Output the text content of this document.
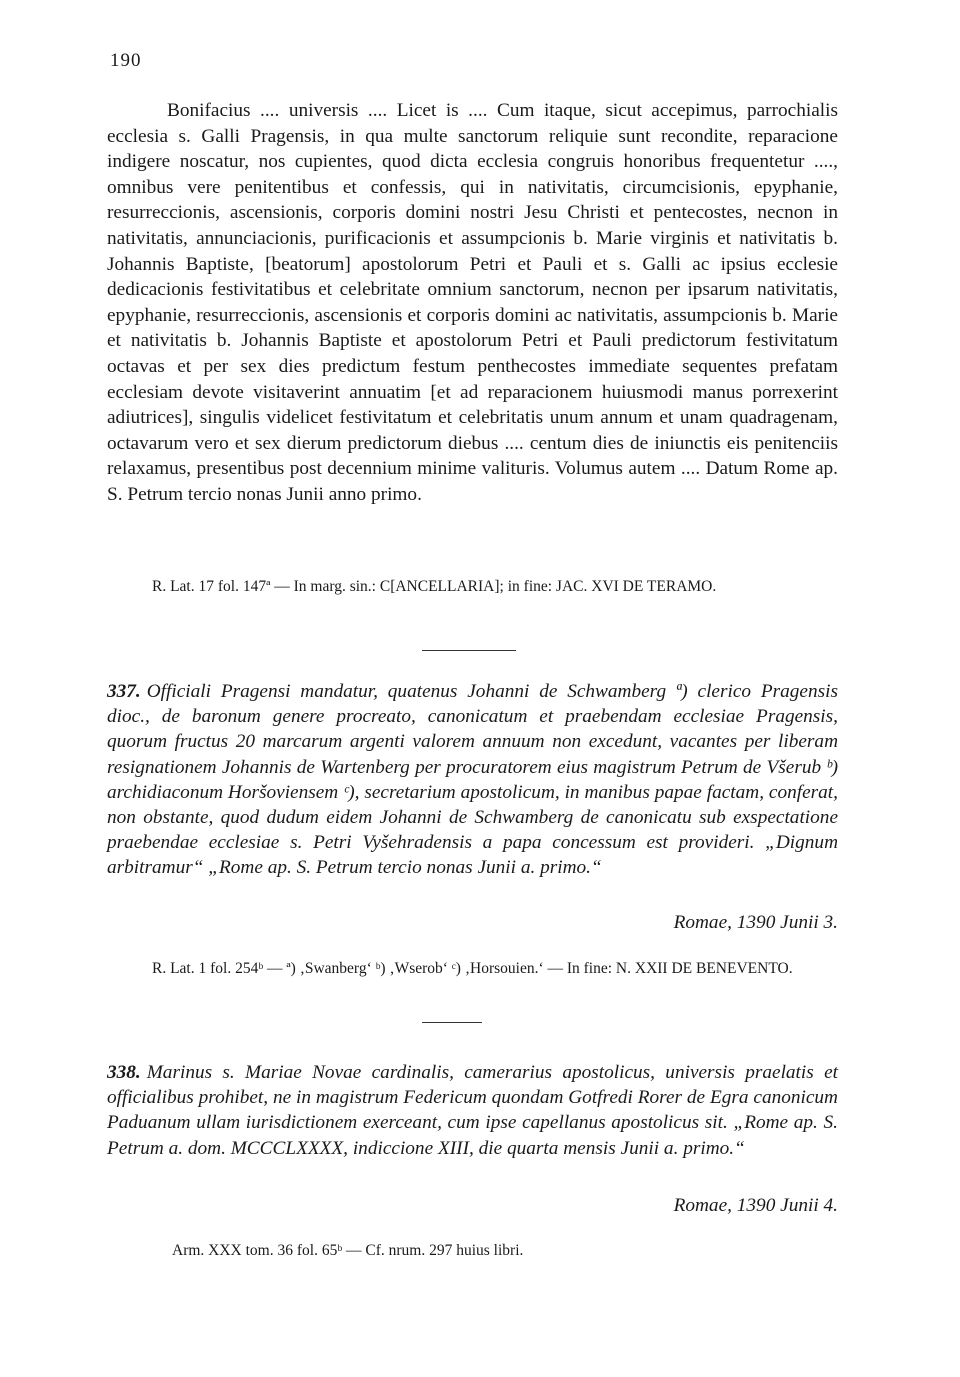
190

Bonifacius .... universis .... Licet is .... Cum itaque, sicut accepimus, parrochialis ecclesia s. Galli Pragensis, in qua multe sanctorum reliquie sunt recondite, reparacione indigere noscatur, nos cupientes, quod dicta ecclesia congruis honoribus frequentetur ...., omnibus vere penitentibus et confessis, qui in nativitatis, circumcisionis, epyphanie, resurreccionis, ascensionis, corporis domini nostri Jesu Christi et pentecostes, necnon in nativitatis, annunciacionis, purificacionis et assumpcionis b. Marie virginis et nativitatis b. Johannis Baptiste, [beatorum] apostolorum Petri et Pauli et s. Galli ac ipsius ecclesie dedicacionis festivitatibus et celebritate omnium sanctorum, necnon per ipsarum nativitatis, epyphanie, resurreccionis, ascensionis et corporis domini ac nativitatis, assumpcionis b. Marie et nativitatis b. Johannis Baptiste et apostolorum Petri et Pauli predictorum festivitatum octavas et per sex dies predictum festum penthecostes immediate sequentes prefatam ecclesiam devote visitaverint annuatim [et ad reparacionem huiusmodi manus porrexerint adiutrices], singulis videlicet festivitatum et celebritatis unum annum et unam quadragenam, octavarum vero et sex dierum predictorum diebus .... centum dies de iniunctis eis penitenciis relaxamus, presentibus post decennium minime valituris. Volumus autem .... Datum Rome ap. S. Petrum tercio nonas Junii anno primo.

R. Lat. 17 fol. 147ª — In marg. sin.: C[ANCELLARIA]; in fine: JAC. XVI DE TERAMO.

337. Officiali Pragensi mandatur, quatenus Johanni de Schwamberg ª) clerico Pragensis dioc., de baronum genere procreato, canonicatum et praebendam ecclesiae Pragensis, quorum fructus 20 marcarum argenti valorem annuum non excedunt, vacantes per liberam resignationem Johannis de Wartenberg per procuratorem eius magistrum Petrum de Všerub ᵇ) archidiaconum Horšoviensem ᶜ), secretarium apostolicum, in manibus papae factam, conferat, non obstante, quod dudum eidem Johanni de Schwamberg de canonicatu sub exspectatione praebendae ecclesiae s. Petri Vyšehradensis a papa concessum est provideri. „Dignum arbitramur“ „Rome ap. S. Petrum tercio nonas Junii a. primo.“

Romae, 1390 Junii 3.

R. Lat. 1 fol. 254ᵇ — ª) ‚Swanberg‘ ᵇ) ‚Wserob‘ ᶜ) ‚Horsouien.‘ — In fine: N. XXII DE BENEVENTO.

338. Marinus s. Mariae Novae cardinalis, camerarius apostolicus, universis praelatis et officialibus prohibet, ne in magistrum Federicum quondam Gotfredi Rorer de Egra canonicum Paduanum ullam iurisdictionem exerceant, cum ipse capellanus apostolicus sit. „Rome ap. S. Petrum a. dom. MCCCLXXXX, indiccione XIII, die quarta mensis Junii a. primo.“

Romae, 1390 Junii 4.

Arm. XXX tom. 36 fol. 65ᵇ — Cf. nrum. 297 huius libri.
